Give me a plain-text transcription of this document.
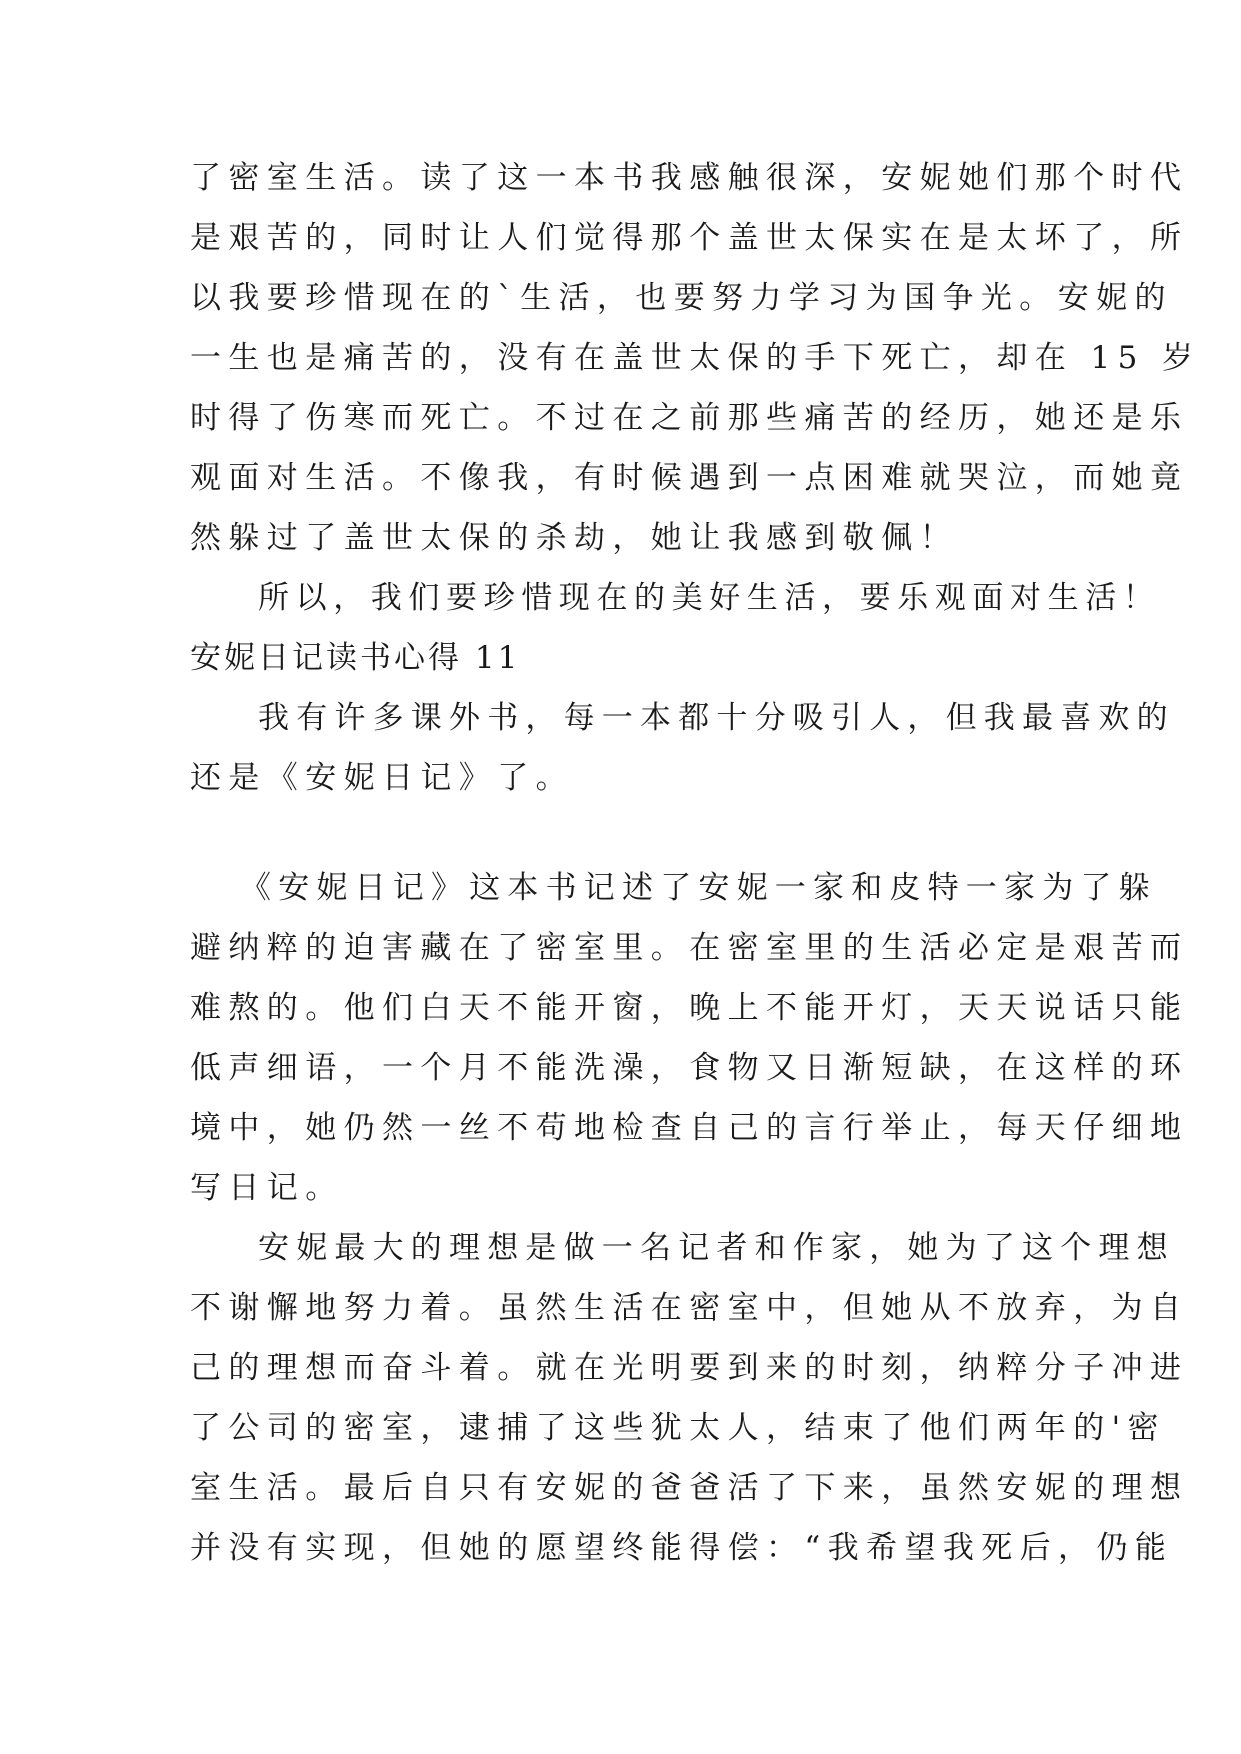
了密室生活。读了这一本书我感触很深，安妮她们那个时代
是艰苦的，同时让人们觉得那个盖世太保实在是太坏了，所
以我要珍惜现在的`生活，也要努力学习为国争光。安妮的
一生也是痛苦的，没有在盖世太保的手下死亡，却在 15 岁
时得了伤寒而死亡。不过在之前那些痛苦的经历，她还是乐
观面对生活。不像我，有时候遇到一点困难就哭泣，而她竟
然躲过了盖世太保的杀劫，她让我感到敬佩！
所以，我们要珍惜现在的美好生活，要乐观面对生活！
安妮日记读书心得 11
我有许多课外书，每一本都十分吸引人，但我最喜欢的
还是《安妮日记》了。
《安妮日记》这本书记述了安妮一家和皮特一家为了躲
避纳粹的迫害藏在了密室里。在密室里的生活必定是艰苦而
难熬的。他们白天不能开窗，晚上不能开灯，天天说话只能
低声细语，一个月不能洗澡，食物又日渐短缺，在这样的环
境中，她仍然一丝不苟地检查自己的言行举止，每天仔细地
写日记。
安妮最大的理想是做一名记者和作家，她为了这个理想
不谢懈地努力着。虽然生活在密室中，但她从不放弃，为自
己的理想而奋斗着。就在光明要到来的时刻，纳粹分子冲进
了公司的密室，逮捕了这些犹太人，结束了他们两年的'密
室生活。最后自只有安妮的爸爸活了下来，虽然安妮的理想
并没有实现，但她的愿望终能得偿：“我希望我死后，仍能
